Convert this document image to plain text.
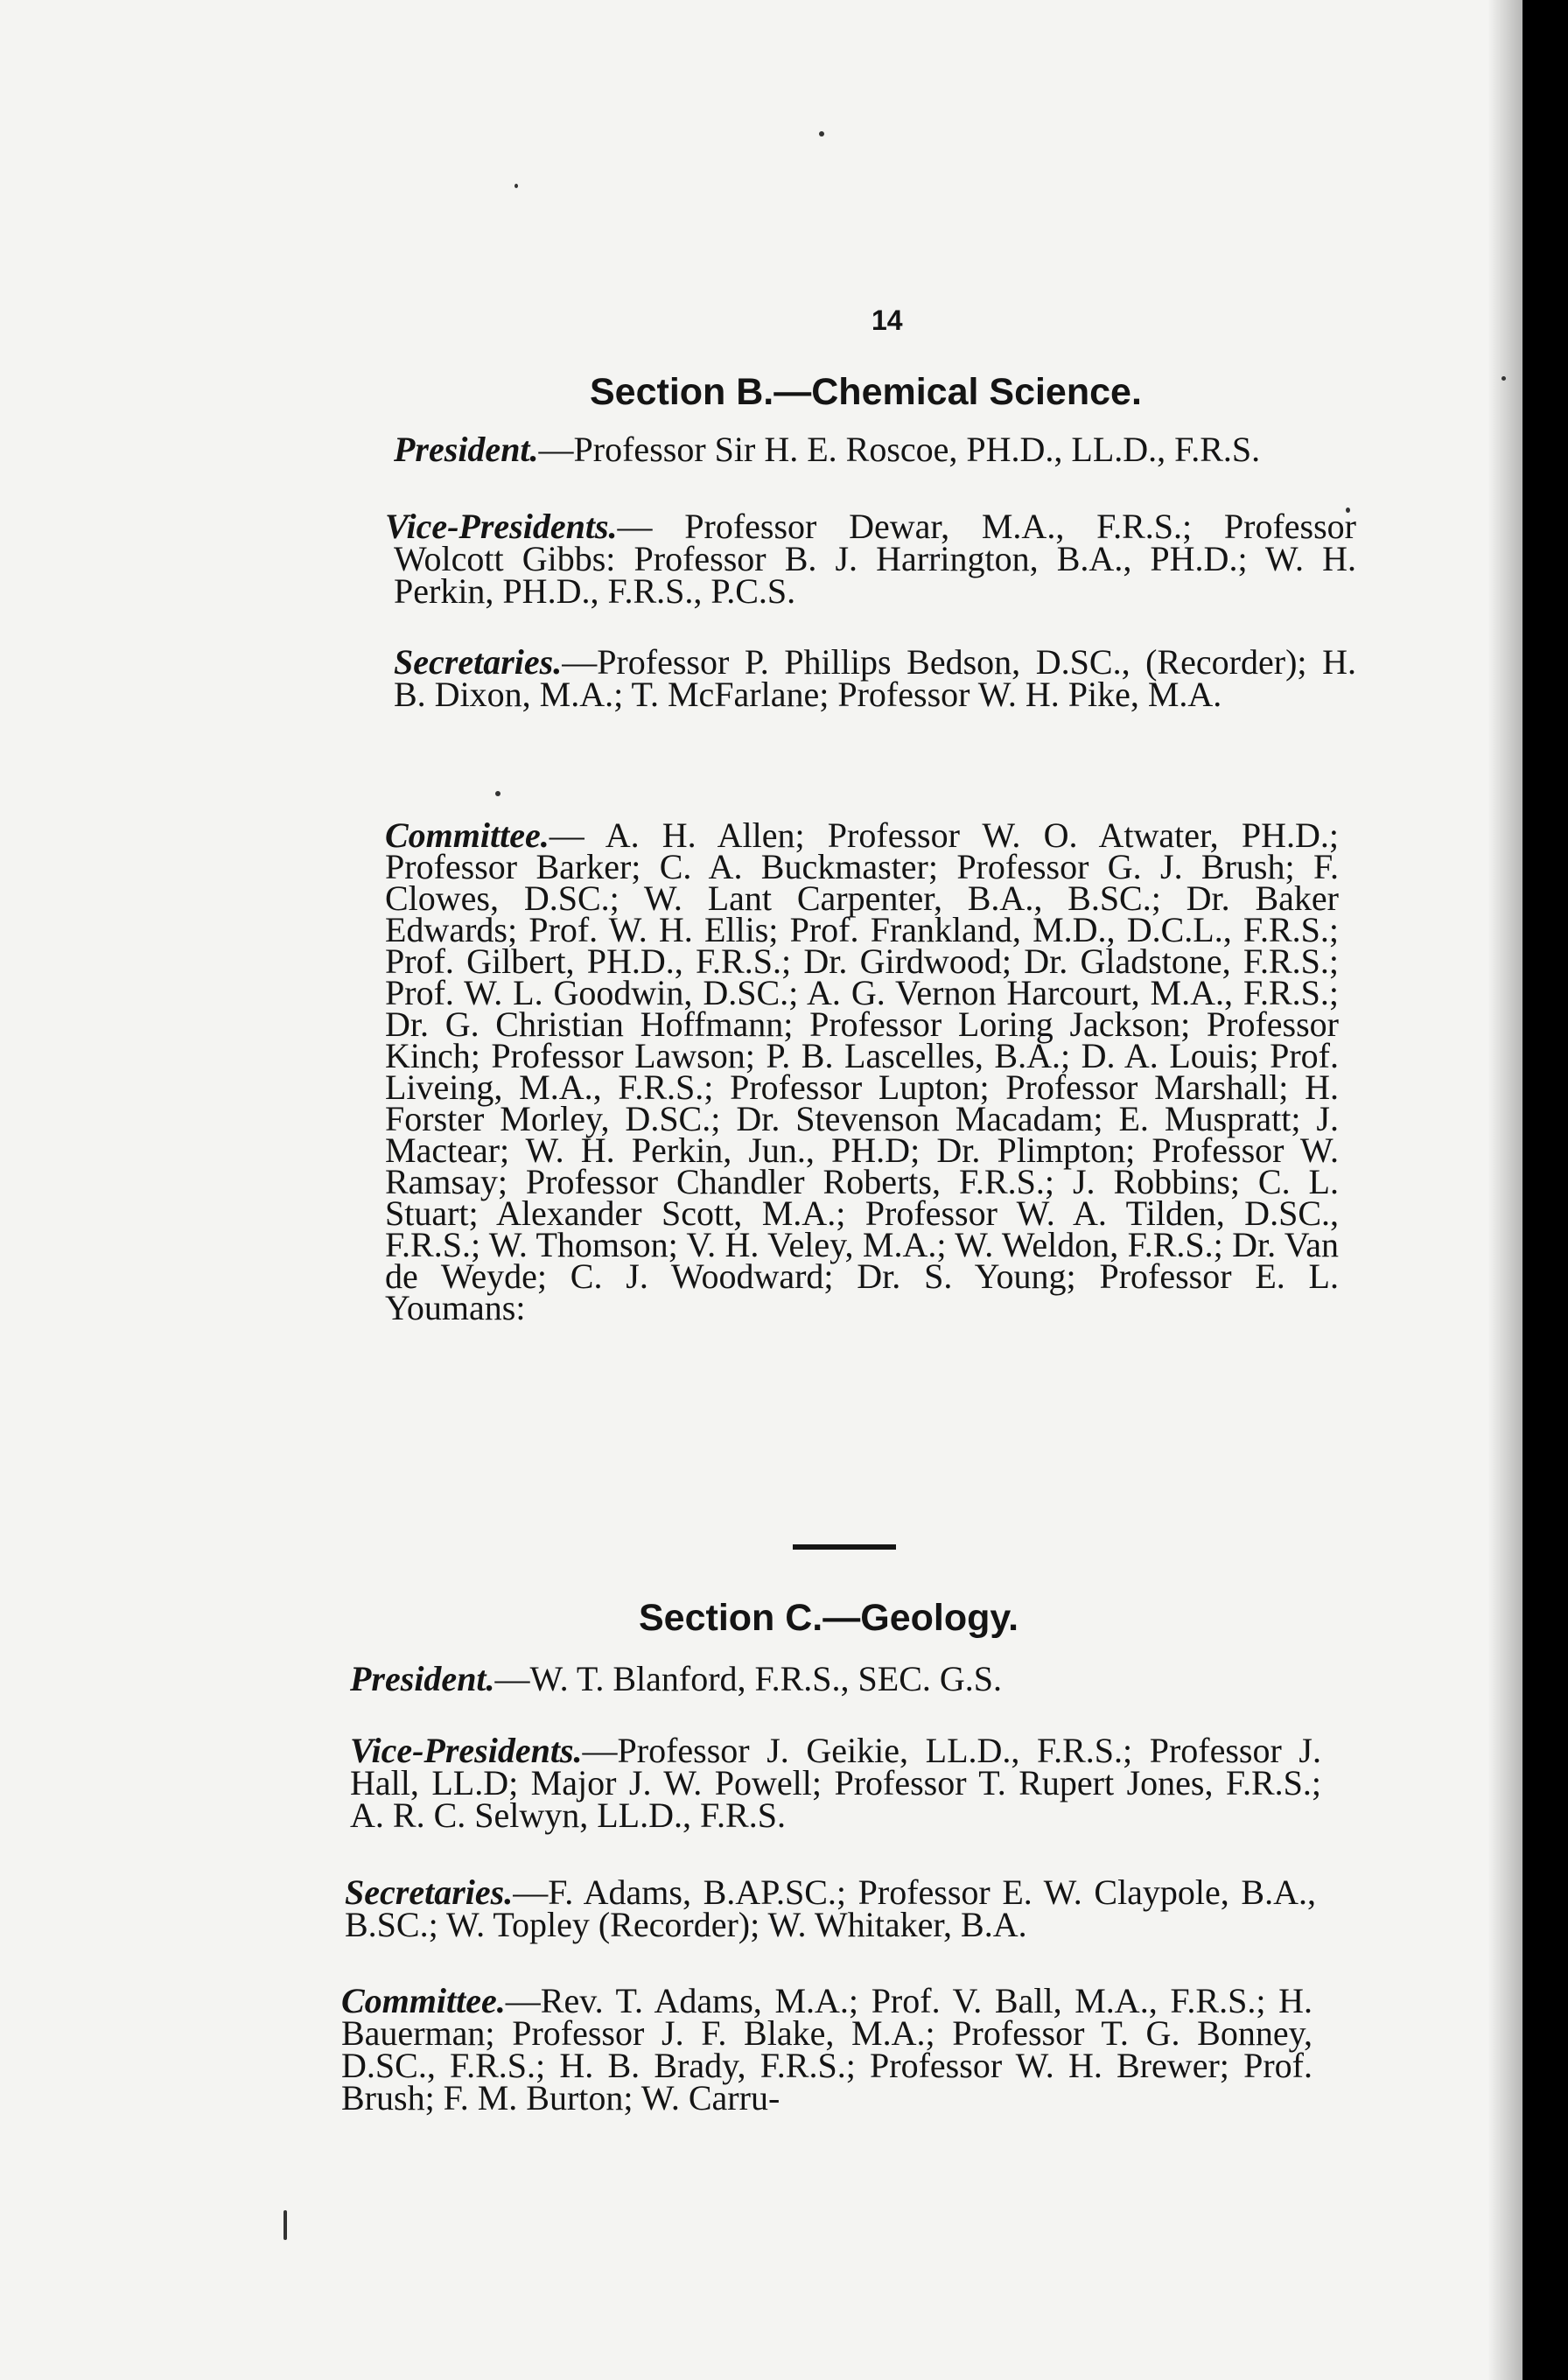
14
Section B.—Chemical Science.
President.—Professor Sir H. E. Roscoe, PH.D., LL.D., F.R.S.
Vice-Presidents.— Professor Dewar, M.A., F.R.S.; Professor Wolcott Gibbs: Professor B. J. Harrington, B.A., PH.D.; W. H. Perkin, PH.D., F.R.S., P.C.S.
Secretaries.—Professor P. Phillips Bedson, D.SC., (Recorder); H. B. Dixon, M.A.; T. McFarlane; Professor W. H. Pike, M.A.
Committee.— A. H. Allen; Professor W. O. Atwater, PH.D.; Professor Barker; C. A. Buckmaster; Professor G. J. Brush; F. Clowes, D.SC.; W. Lant Carpenter, B.A., B.SC.; Dr. Baker Edwards; Prof. W. H. Ellis; Prof. Frankland, M.D., D.C.L., F.R.S.; Prof. Gilbert, PH.D., F.R.S.; Dr. Girdwood; Dr. Gladstone, F.R.S.; Prof. W. L. Goodwin, D.SC.; A. G. Vernon Harcourt, M.A., F.R.S.; Dr. G. Christian Hoffmann; Professor Loring Jackson; Professor Kinch; Professor Lawson; P. B. Lascelles, B.A.; D. A. Louis; Prof. Liveing, M.A., F.R.S.; Professor Lupton; Professor Marshall; H. Forster Morley, D.SC.; Dr. Stevenson Macadam; E. Muspratt; J. Mactear; W. H. Perkin, Jun., PH.D; Dr. Plimpton; Professor W. Ramsay; Professor Chandler Roberts, F.R.S.; J. Robbins; C. L. Stuart; Alexander Scott, M.A.; Professor W. A. Tilden, D.SC., F.R.S.; W. Thomson; V. H. Veley, M.A.; W. Weldon, F.R.S.; Dr. Van de Weyde; C. J. Woodward; Dr. S. Young; Professor E. L. Youmans:
Section C.—Geology.
President.—W. T. Blanford, F.R.S., SEC. G.S.
Vice-Presidents.—Professor J. Geikie, LL.D., F.R.S.; Professor J. Hall, LL.D; Major J. W. Powell; Professor T. Rupert Jones, F.R.S.; A. R. C. Selwyn, LL.D., F.R.S.
Secretaries.—F. Adams, B.AP.SC.; Professor E. W. Claypole, B.A., B.SC.; W. Topley (Recorder); W. Whitaker, B.A.
Committee.—Rev. T. Adams, M.A.; Prof. V. Ball, M.A., F.R.S.; H. Bauerman; Professor J. F. Blake, M.A.; Professor T. G. Bonney, D.SC., F.R.S.; H. B. Brady, F.R.S.; Professor W. H. Brewer; Prof. Brush; F. M. Burton; W. Carru-
